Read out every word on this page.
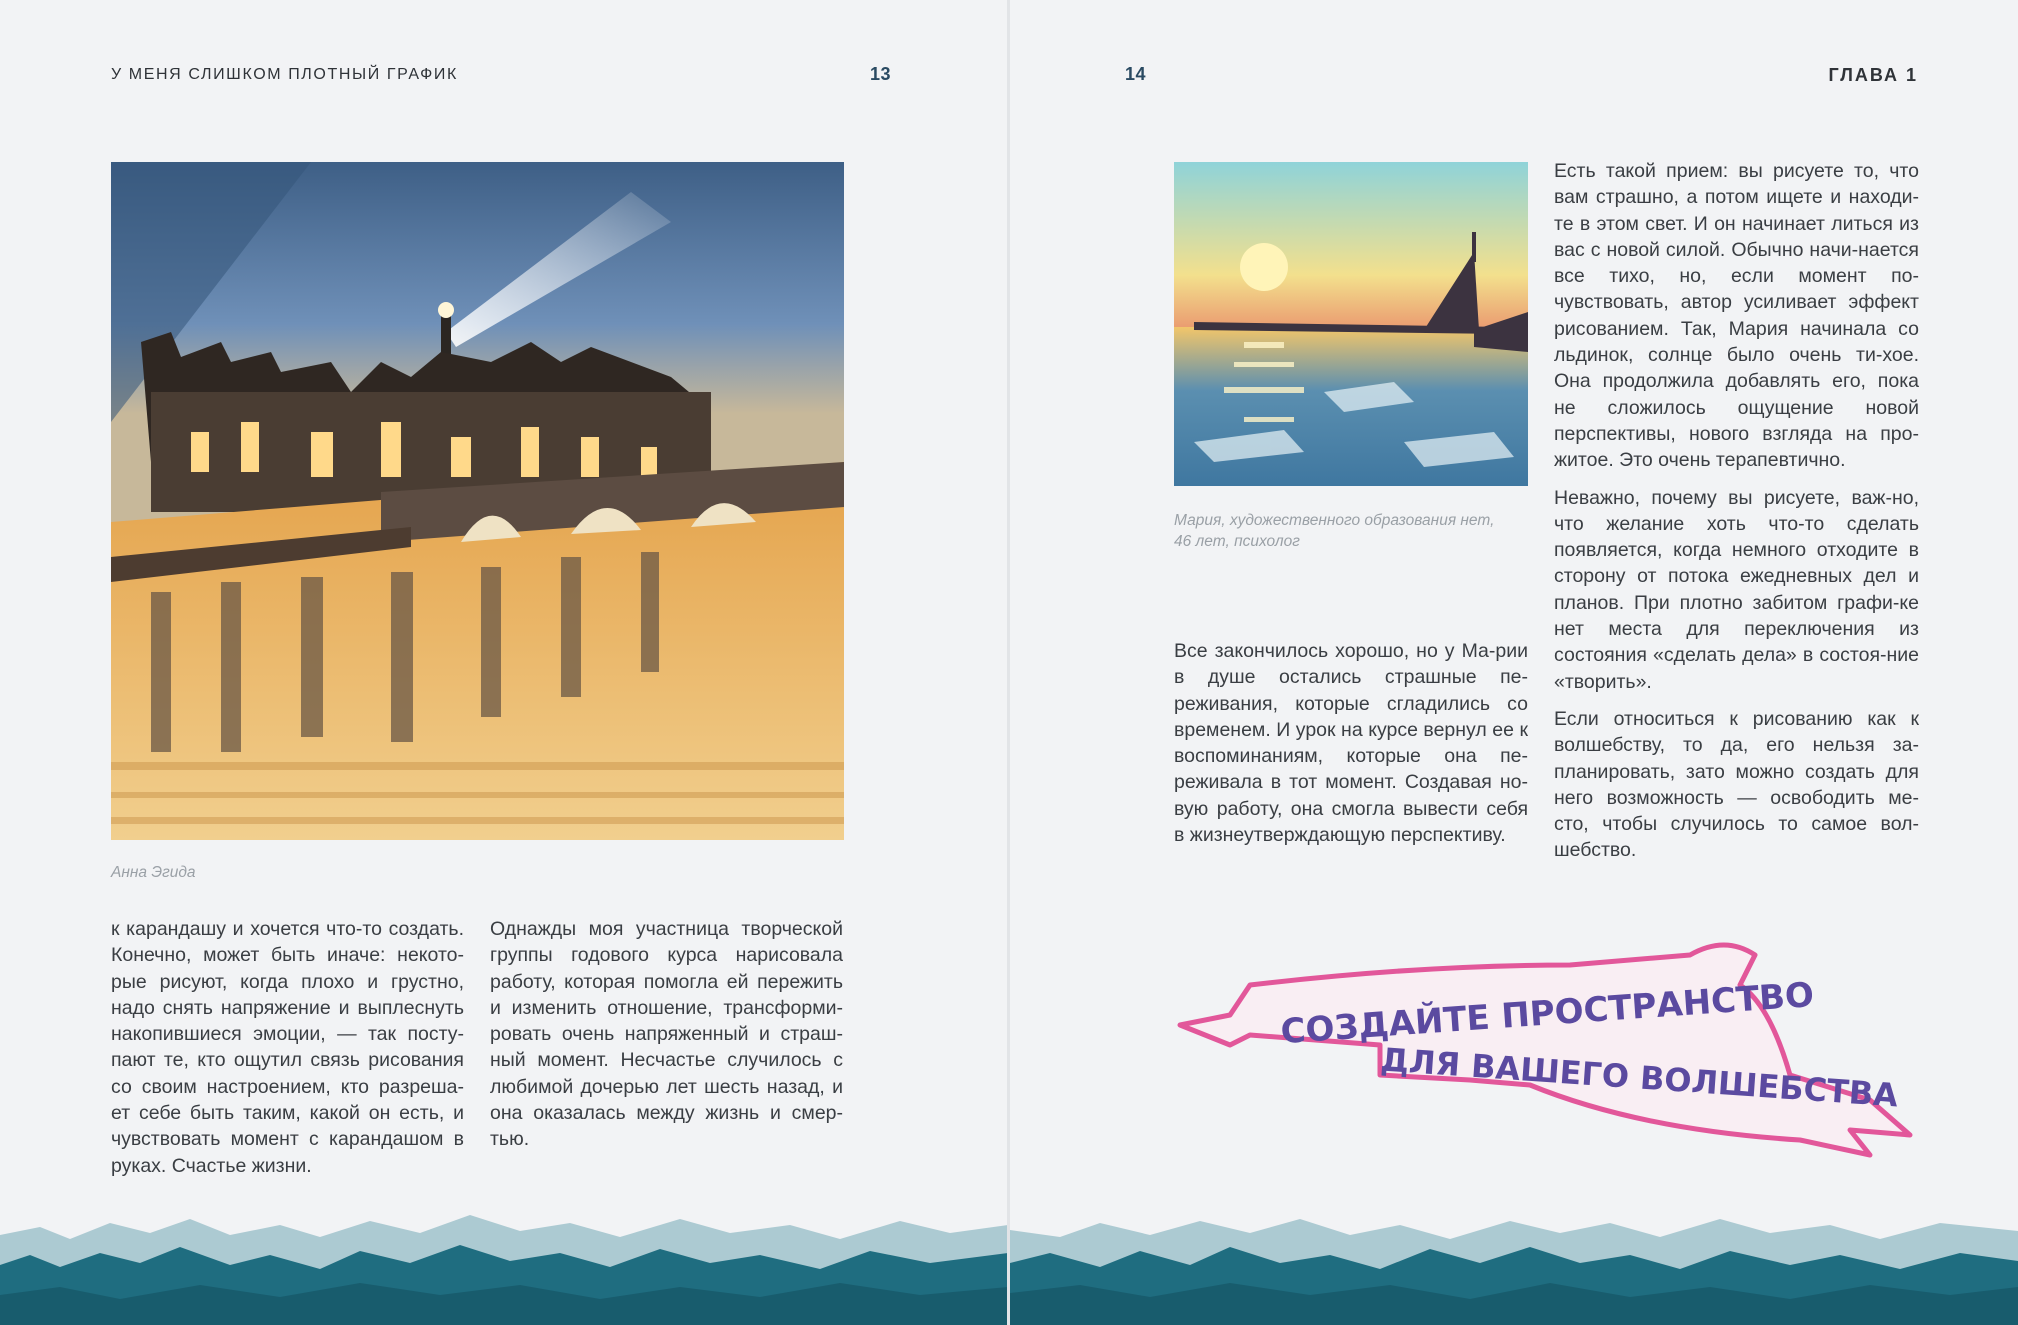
У МЕНЯ СЛИШКОМ ПЛОТНЫЙ ГРАФИК	13
Анна Эгида
к карандашу и хочется что-то создать. Конечно, может быть иначе: некото-рые рисуют, когда плохо и грустно, надо снять напряжение и выплеснуть накопившиеся эмоции, — так посту-пают те, кто ощутил связь рисования со своим настроением, кто разреша-ет себе быть таким, какой он есть, и чувствовать момент с карандашом в руках. Счастье жизни.
Однажды моя участница творческой группы годового курса нарисовала работу, которая помогла ей пережить и изменить отношение, трансформи-ровать очень напряженный и страш-ный момент. Несчастье случилось с любимой дочерью лет шесть назад, и она оказалась между жизнь и смер-тью.
14	ГЛАВА 1
Мария, художественного образования нет, 46 лет, психолог
Все закончилось хорошо, но у Ма-рии в душе остались страшные пе-реживания, которые сгладились со временем. И урок на курсе вернул ее к воспоминаниям, которые она пе-реживала в тот момент. Создавая но-вую работу, она смогла вывести себя в жизнеутверждающую перспективу.

Есть такой прием: вы рисуете то, что вам страшно, а потом ищете и находи-те в этом свет. И он начинает литься из вас с новой силой. Обычно начи-нается все тихо, но, если момент по-чувствовать, автор усиливает эффект рисованием. Так, Мария начинала со льдинок, солнце было очень ти-хое. Она продолжила добавлять его, пока не сложилось ощущение новой перспективы, нового взгляда на про-житое. Это очень терапевтично.

Неважно, почему вы рисуете, важ-но, что желание хоть что-то сделать появляется, когда немного отходите в сторону от потока ежедневных дел и планов. При плотно забитом графи-ке нет места для переключения из состояния «сделать дела» в состоя-ние «творить».

Если относиться к рисованию как к волшебству, то да, его нельзя за-планировать, зато можно создать для него возможность — освободить ме-сто, чтобы случилось то самое вол-шебство.

СОЗДАЙТЕ ПРОСТРАНСТВО
ДЛЯ ВАШЕГО ВОЛШЕБСТВА
